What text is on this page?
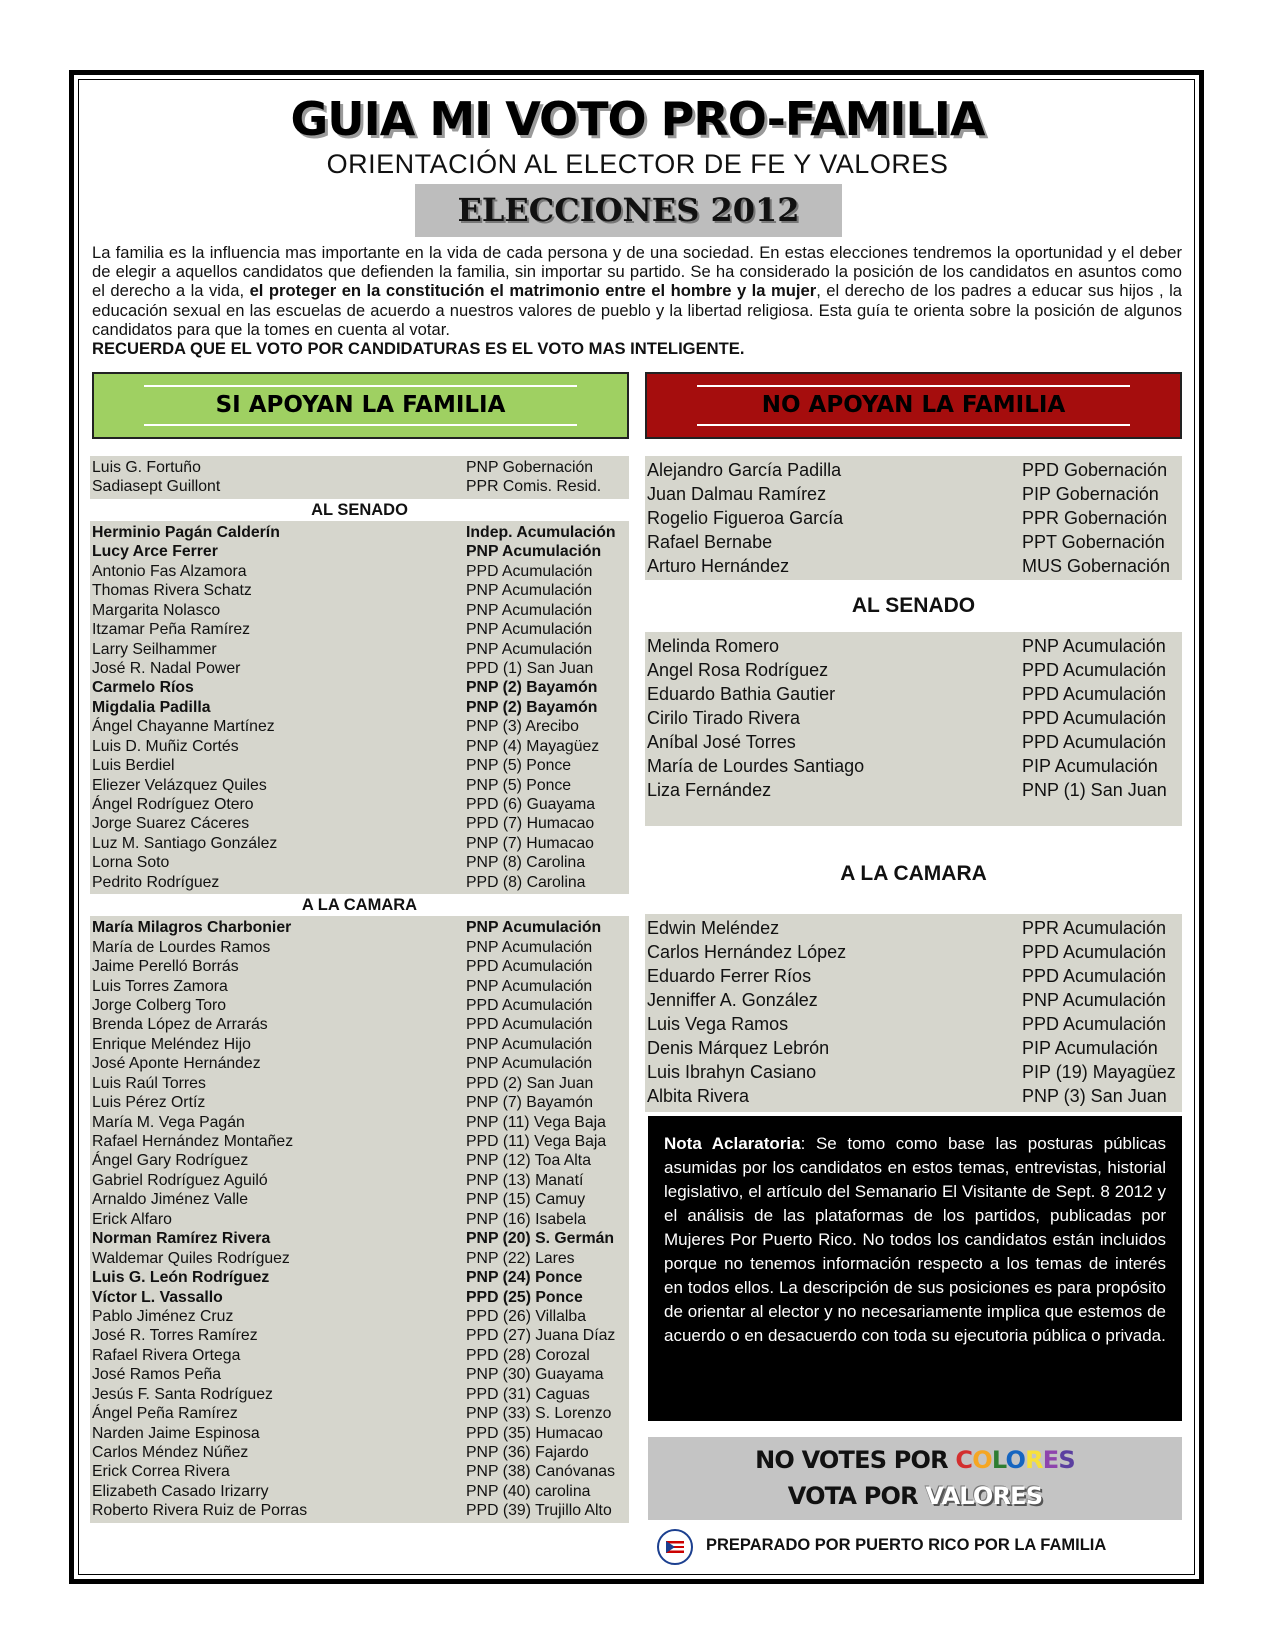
GUIA MI VOTO PRO-FAMILIA
ORIENTACIÓN AL ELECTOR DE FE Y VALORES
ELECCIONES 2012

La familia es la influencia mas importante en la vida de cada persona y de una sociedad. En estas elecciones tendremos la oportunidad y el deber de elegir a aquellos candidatos que defienden la familia, sin importar su partido. Se ha considerado la posición de los candidatos en asuntos como el derecho a la vida, el proteger en la constitución el matrimonio entre el hombre y la mujer, el derecho de los padres a educar sus hijos , la educación sexual en las escuelas de acuerdo a nuestros valores de pueblo y la libertad religiosa. Esta guía te orienta sobre la posición de algunos candidatos para que la tomes en cuenta al votar.
RECUERDA QUE EL VOTO POR CANDIDATURAS ES EL VOTO MAS INTELIGENTE.

SI APOYAN LA FAMILIA	NO APOYAN LA FAMILIA
Luis G. Fortuño	PNP Gobernación
Sadiasept Guillont	PPR Comis. Resid.
AL SENADO
Herminio Pagán Calderín	Indep. Acumulación
Lucy Arce Ferrer	PNP Acumulación
Antonio Fas Alzamora	PPD Acumulación
Thomas Rivera Schatz	PNP Acumulación
Margarita Nolasco	PNP Acumulación
Itzamar Peña Ramírez	PNP Acumulación
Larry Seilhammer	PNP Acumulación
José R. Nadal Power	PPD (1) San Juan
Carmelo Ríos	PNP (2) Bayamón
Migdalia Padilla	PNP (2) Bayamón
Ángel Chayanne Martínez	PNP (3) Arecibo
Luis D. Muñiz Cortés	PNP (4) Mayagüez
Luis Berdiel	PNP (5) Ponce
Eliezer Velázquez Quiles	PNP (5) Ponce
Ángel Rodríguez Otero	PPD (6) Guayama
Jorge Suarez Cáceres	PPD (7) Humacao
Luz M. Santiago González	PNP (7) Humacao
Lorna Soto	PNP (8) Carolina
Pedrito Rodríguez	PPD (8) Carolina
A LA CAMARA
María Milagros Charbonier	PNP Acumulación
María de Lourdes Ramos	PNP Acumulación
Jaime Perelló Borrás	PPD Acumulación
Luis Torres Zamora	PNP Acumulación
Jorge Colberg Toro	PPD Acumulación
Brenda López de Arrarás	PPD Acumulación
Enrique Meléndez Hijo	PNP Acumulación
José Aponte Hernández	PNP Acumulación
Luis Raúl Torres	PPD (2) San Juan
Luis Pérez Ortíz	PNP (7) Bayamón
María M. Vega Pagán	PNP (11) Vega Baja
Rafael Hernández Montañez	PPD (11) Vega Baja
Ángel Gary Rodríguez	PNP (12) Toa Alta
Gabriel Rodríguez Aguiló	PNP (13) Manatí
Arnaldo Jiménez Valle	PNP (15) Camuy
Erick Alfaro	PNP (16) Isabela
Norman Ramírez Rivera	PNP (20) S. Germán
Waldemar Quiles Rodríguez	PNP (22) Lares
Luis G. León Rodríguez	PNP (24) Ponce
Víctor L. Vassallo	PPD (25) Ponce
Pablo Jiménez Cruz	PPD (26) Villalba
José R. Torres Ramírez	PPD (27) Juana Díaz
Rafael Rivera Ortega	PPD (28) Corozal
José Ramos Peña	PNP (30) Guayama
Jesús F. Santa Rodríguez	PPD (31) Caguas
Ángel Peña Ramírez	PNP (33) S. Lorenzo
Narden Jaime Espinosa	PPD (35) Humacao
Carlos Méndez Núñez	PNP (36) Fajardo
Erick Correa Rivera	PNP (38) Canóvanas
Elizabeth Casado Irizarry	PNP (40) carolina
Roberto Rivera Ruiz de Porras	PPD (39) Trujillo Alto
Alejandro García Padilla	PPD Gobernación
Juan Dalmau Ramírez	PIP Gobernación
Rogelio Figueroa García	PPR Gobernación
Rafael Bernabe	PPT Gobernación
Arturo Hernández	MUS Gobernación
AL SENADO
Melinda Romero	PNP Acumulación
Angel Rosa Rodríguez	PPD Acumulación
Eduardo Bathia Gautier	PPD Acumulación
Cirilo Tirado Rivera	PPD Acumulación
Aníbal José Torres	PPD Acumulación
María de Lourdes Santiago	PIP Acumulación
Liza Fernández	PNP (1) San Juan
A LA CAMARA
Edwin Meléndez	PPR Acumulación
Carlos Hernández López	PPD Acumulación
Eduardo Ferrer Ríos	PPD Acumulación
Jenniffer A. González	PNP Acumulación
Luis Vega Ramos	PPD Acumulación
Denis Márquez Lebrón	PIP Acumulación
Luis Ibrahyn Casiano	PIP (19) Mayagüez
Albita Rivera	PNP (3) San Juan
Nota Aclaratoria: Se tomo como base las posturas públicas asumidas por los candidatos en estos temas, entrevistas, historial legislativo, el artículo del Semanario El Visitante de Sept. 8 2012 y el análisis de las plataformas de los partidos, publicadas por Mujeres Por Puerto Rico. No todos los candidatos están incluidos porque no tenemos información respecto a los temas de interés en todos ellos. La descripción de sus posiciones es para propósito de orientar al elector y no necesariamente implica que estemos de acuerdo o en desacuerdo con toda su ejecutoria pública o privada.
NO VOTES POR COLORES
VOTA POR VALORES
PREPARADO POR PUERTO RICO POR LA FAMILIA
